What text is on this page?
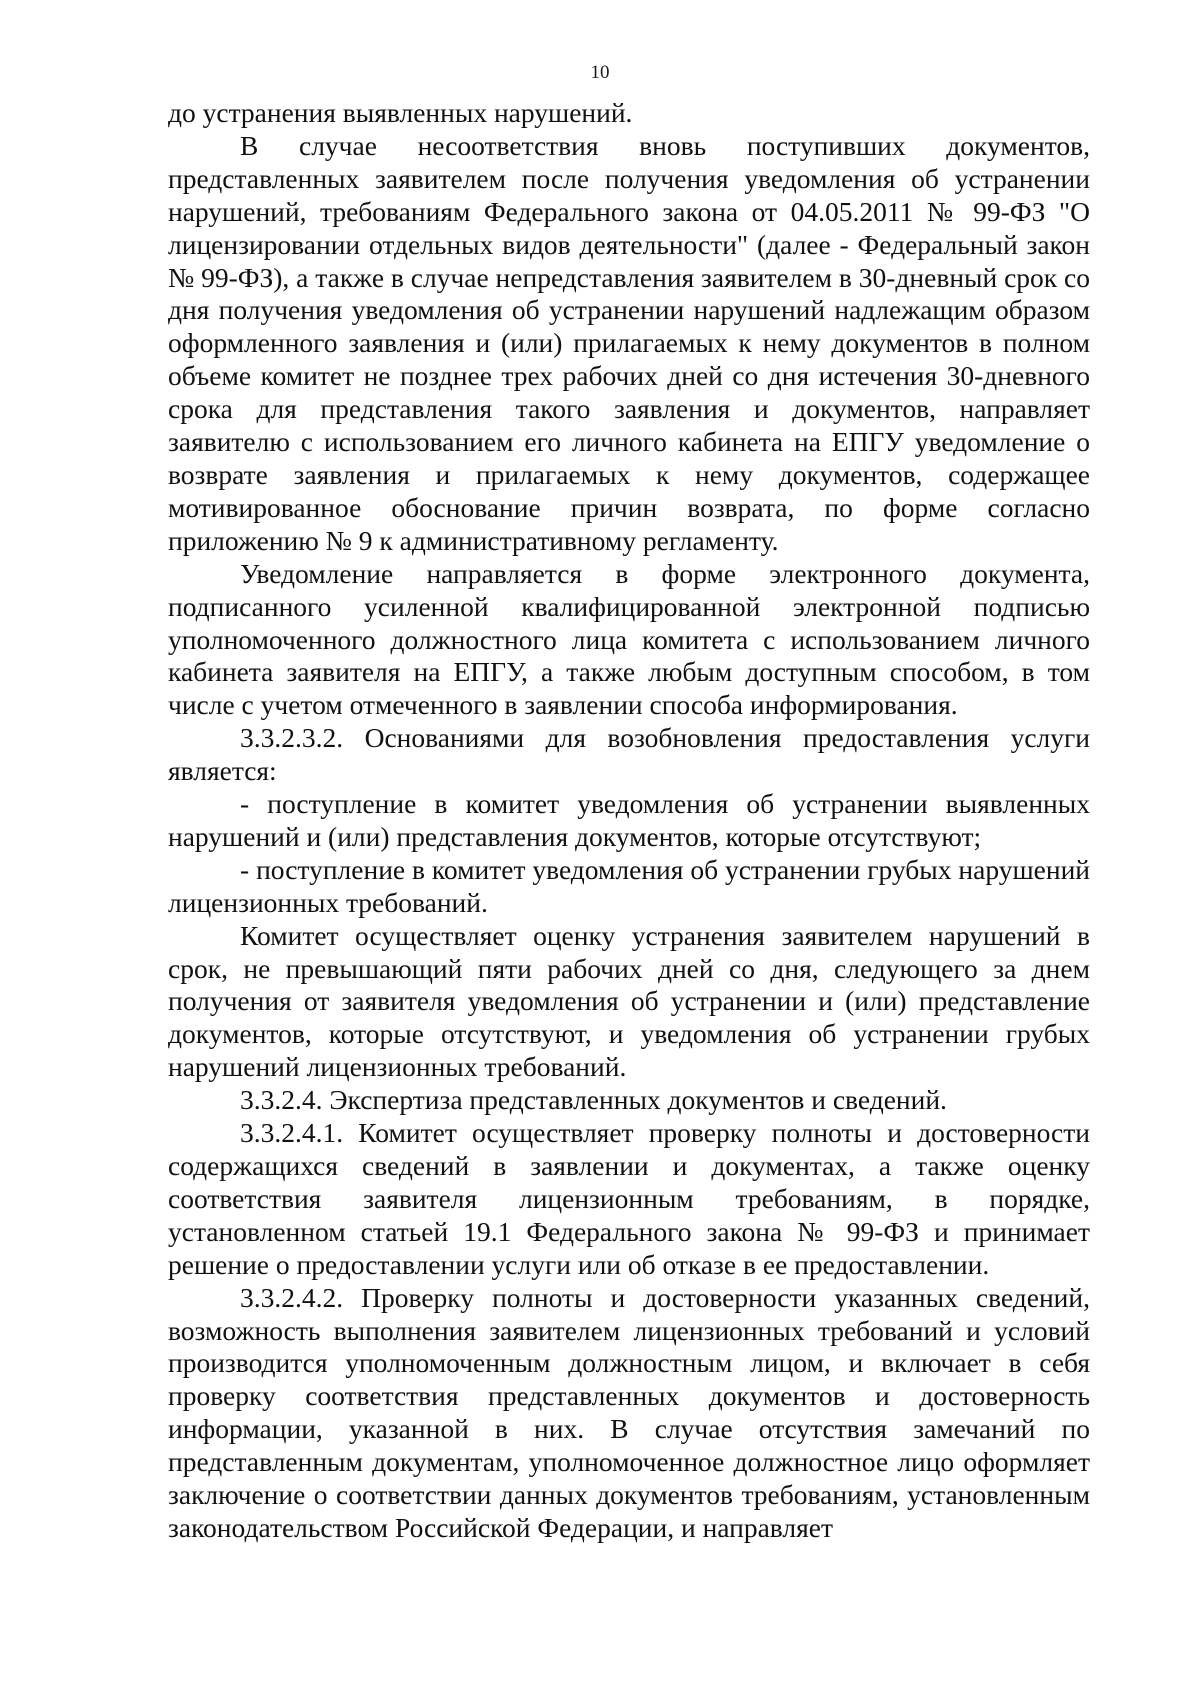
10

до устранения выявленных нарушений.

В случае несоответствия вновь поступивших документов, представленных заявителем после получения уведомления об устранении нарушений, требованиям Федерального закона от 04.05.2011 № 99-ФЗ "О лицензировании отдельных видов деятельности" (далее - Федеральный закон № 99-ФЗ), а также в случае непредставления заявителем в 30-дневный срок со дня получения уведомления об устранении нарушений надлежащим образом оформленного заявления и (или) прилагаемых к нему документов в полном объеме комитет не позднее трех рабочих дней со дня истечения 30-дневного срока для представления такого заявления и документов, направляет заявителю с использованием его личного кабинета на ЕПГУ уведомление о возврате заявления и прилагаемых к нему документов, содержащее мотивированное обоснование причин возврата, по форме согласно приложению № 9 к административному регламенту.

Уведомление направляется в форме электронного документа, подписанного усиленной квалифицированной электронной подписью уполномоченного должностного лица комитета с использованием личного кабинета заявителя на ЕПГУ, а также любым доступным способом, в том числе с учетом отмеченного в заявлении способа информирования.

3.3.2.3.2. Основаниями для возобновления предоставления услуги является:

- поступление в комитет уведомления об устранении выявленных нарушений и (или) представления документов, которые отсутствуют;

- поступление в комитет уведомления об устранении грубых нарушений лицензионных требований.

Комитет осуществляет оценку устранения заявителем нарушений в срок, не превышающий пяти рабочих дней со дня, следующего за днем получения от заявителя уведомления об устранении и (или) представление документов, которые отсутствуют, и уведомления об устранении грубых нарушений лицензионных требований.

3.3.2.4. Экспертиза представленных документов и сведений.

3.3.2.4.1. Комитет осуществляет проверку полноты и достоверности содержащихся сведений в заявлении и документах, а также оценку соответствия заявителя лицензионным требованиям, в порядке, установленном статьей 19.1 Федерального закона № 99-ФЗ и принимает решение о предоставлении услуги или об отказе в ее предоставлении.

3.3.2.4.2. Проверку полноты и достоверности указанных сведений, возможность выполнения заявителем лицензионных требований и условий производится уполномоченным должностным лицом, и включает в себя проверку соответствия представленных документов и достоверность информации, указанной в них. В случае отсутствия замечаний по представленным документам, уполномоченное должностное лицо оформляет заключение о соответствии данных документов требованиям, установленным законодательством Российской Федерации, и направляет
